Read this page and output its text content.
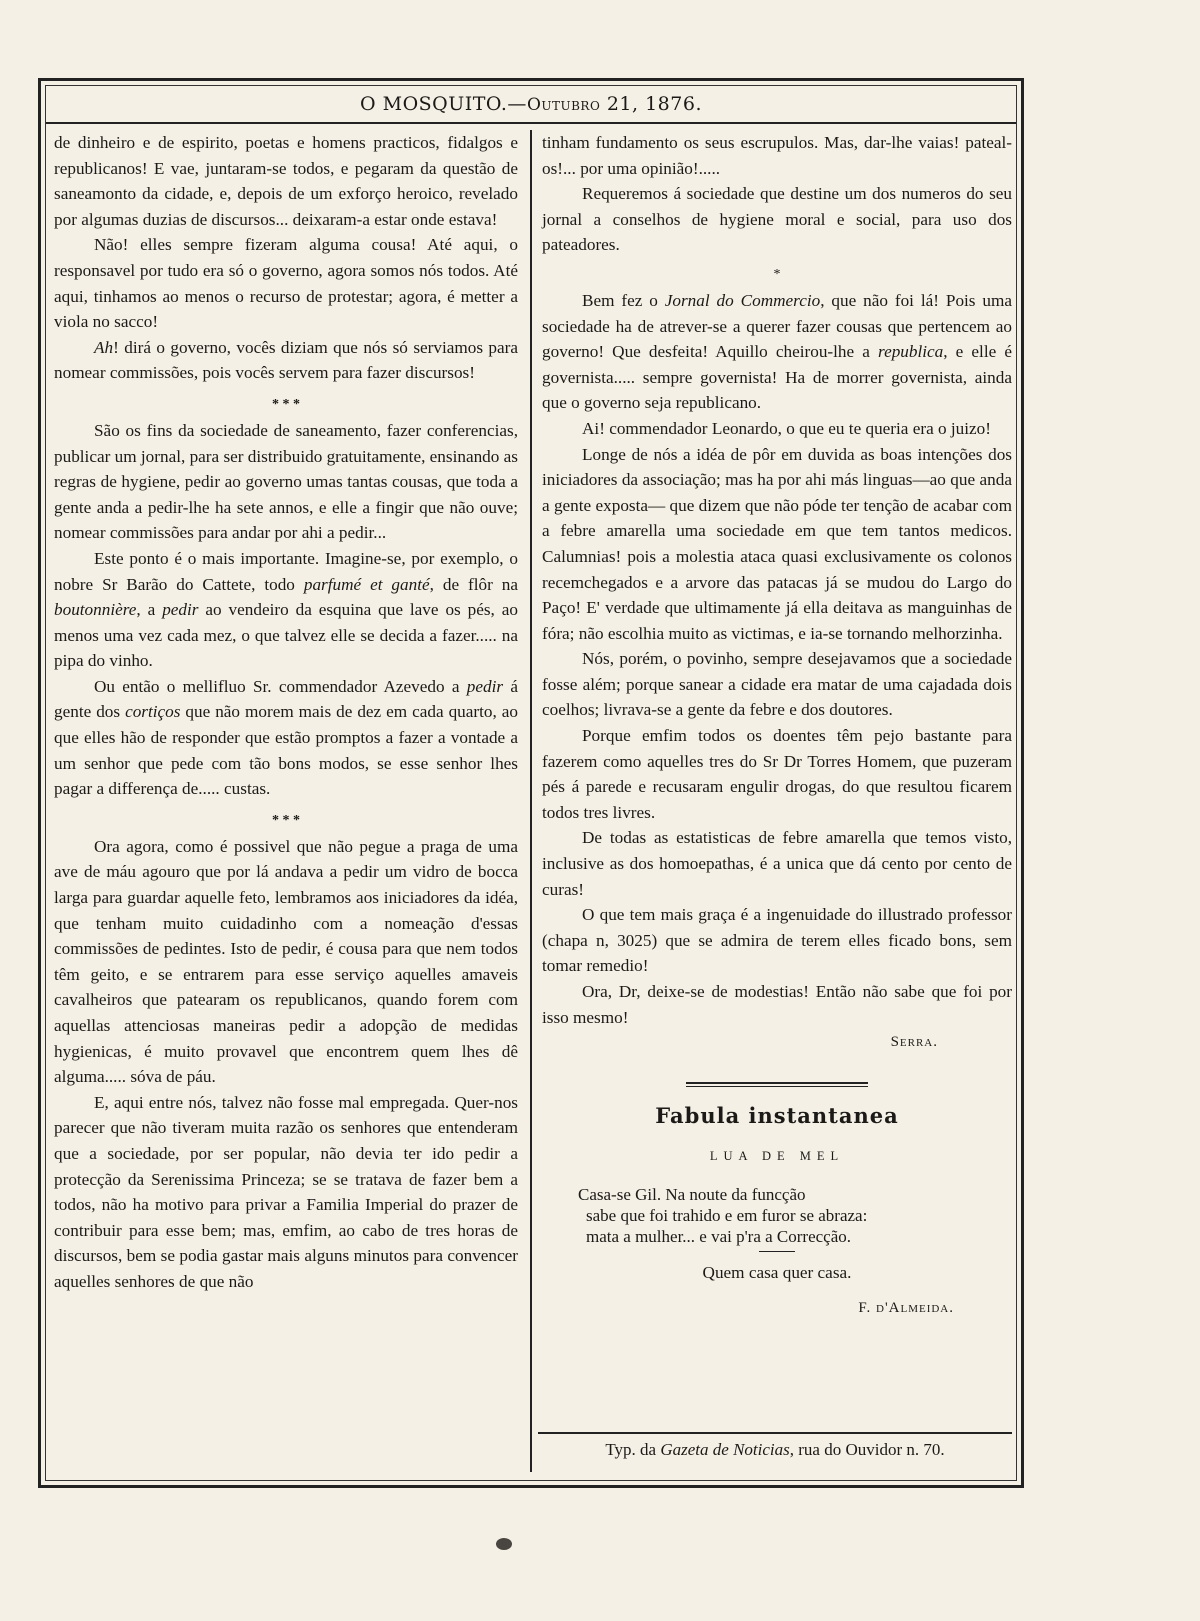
O MOSQUITO.—Outubro 21, 1876.

de dinheiro e de espirito, poetas e homens practicos, fidalgos e republicanos! E vae, juntaram-se todos, e pegaram da questão de saneamonto da cidade, e, depois de um exforço heroico, revelado por algumas duzias de discursos... deixaram-a estar onde estava!

Não! elles sempre fizeram alguma cousa! Até aqui, o responsavel por tudo era só o governo, agora somos nós todos. Até aqui, tinhamos ao menos o recurso de protestar; agora, é metter a viola no sacco!

Ah! dirá o governo, vocês diziam que nós só serviamos para nomear commissões, pois vocês servem para fazer discursos!

* * *

São os fins da sociedade de saneamento, fazer conferencias, publicar um jornal, para ser distribuido gratuitamente, ensinando as regras de hygiene, pedir ao governo umas tantas cousas, que toda a gente anda a pedir-lhe ha sete annos, e elle a fingir que não ouve; nomear commissões para andar por ahi a pedir...

Este ponto é o mais importante. Imagine-se, por exemplo, o nobre Sr Barão do Cattete, todo parfumé et ganté, de flôr na boutonnière, a pedir ao vendeiro da esquina que lave os pés, ao menos uma vez cada mez, o que talvez elle se decida a fazer..... na pipa do vinho.

Ou então o mellifluo Sr. commendador Azevedo a pedir á gente dos cortiços que não morem mais de dez em cada quarto, ao que elles hão de responder que estão promptos a fazer a vontade a um senhor que pede com tão bons modos, se esse senhor lhes pagar a differença de..... custas.

* * *

Ora agora, como é possivel que não pegue a praga de uma ave de máu agouro que por lá andava a pedir um vidro de bocca larga para guardar aquelle feto, lembramos aos iniciadores da idéa, que tenham muito cuidadinho com a nomeação d'essas commissões de pedintes. Isto de pedir, é cousa para que nem todos têm geito, e se entrarem para esse serviço aquelles amaveis cavalheiros que patearam os republicanos, quando forem com aquellas attenciosas maneiras pedir a adopção de medidas hygienicas, é muito provavel que encontrem quem lhes dê alguma..... sóva de páu.

E, aqui entre nós, talvez não fosse mal empregada. Quer-nos parecer que não tiveram muita razão os senhores que entenderam que a sociedade, por ser popular, não devia ter ido pedir a protecção da Serenissima Princeza; se se tratava de fazer bem a todos, não ha motivo para privar a Familia Imperial do prazer de contribuir para esse bem; mas, emfim, ao cabo de tres horas de discursos, bem se podia gastar mais alguns minutos para convencer aquelles senhores de que não

tinham fundamento os seus escrupulos. Mas, dar-lhe vaias! pateal-os!... por uma opinião!.....

Requeremos á sociedade que destine um dos numeros do seu jornal a conselhos de hygiene moral e social, para uso dos pateadores.

*

Bem fez o Jornal do Commercio, que não foi lá! Pois uma sociedade ha de atrever-se a querer fazer cousas que pertencem ao governo! Que desfeita! Aquillo cheirou-lhe a republica, e elle é governista..... sempre governista! Ha de morrer governista, ainda que o governo seja republicano.

Ai! commendador Leonardo, o que eu te queria era o juizo!

Longe de nós a idéa de pôr em duvida as boas intenções dos iniciadores da associação; mas ha por ahi más linguas—ao que anda a gente exposta— que dizem que não póde ter tenção de acabar com a febre amarella uma sociedade em que tem tantos medicos. Calumnias! pois a molestia ataca quasi exclusivamente os colonos recemchegados e a arvore das patacas já se mudou do Largo do Paço! E' verdade que ultimamente já ella deitava as manguinhas de fóra; não escolhia muito as victimas, e ia-se tornando melhorzinha.

Nós, porém, o povinho, sempre desejavamos que a sociedade fosse além; porque sanear a cidade era matar de uma cajadada dois coelhos; livrava-se a gente da febre e dos doutores.

Porque emfim todos os doentes têm pejo bastante para fazerem como aquelles tres do Sr Dr Torres Homem, que puzeram pés á parede e recusaram engulir drogas, do que resultou ficarem todos tres livres.

De todas as estatisticas de febre amarella que temos visto, inclusive as dos homoepathas, é a unica que dá cento por cento de curas!

O que tem mais graça é a ingenuidade do illustrado professor (chapa n, 3025) que se admira de terem elles ficado bons, sem tomar remedio!

Ora, Dr, deixe-se de modestias! Então não sabe que foi por isso mesmo!

Serra.
Fabula instantanea
LUA DE MEL
Casa-se Gil. Na noute da funcção
sabe que foi trahido e em furor se abraza:
mata a mulher... e vai p'ra a Correcção.
Quem casa quer casa.
F. d'Almeida.
Typ. da Gazeta de Noticias, rua do Ouvidor n. 70.
